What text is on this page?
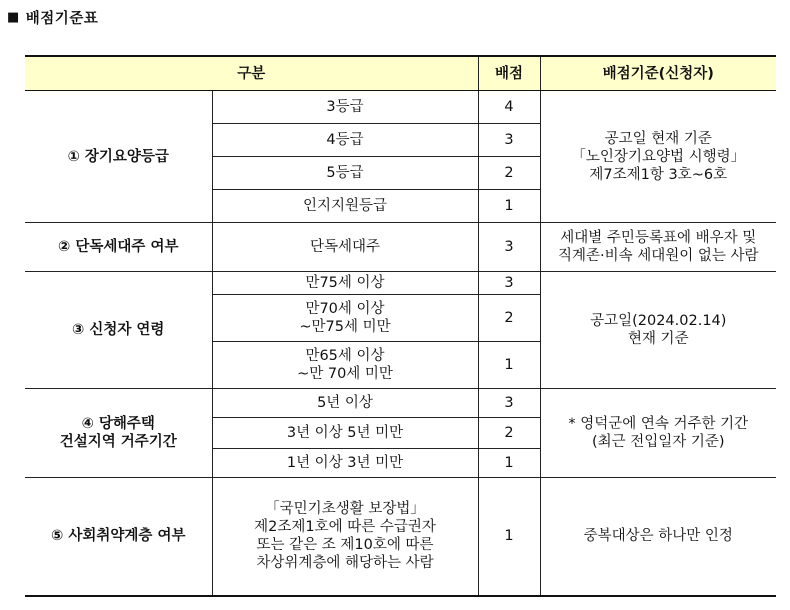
■ 배점기준표
구분		배점	배점기준(신청자)
① 장기요양등급	3등급	4	공고일 현재 기준
「노인장기요양법 시행령」
제7조제1항 3호~6호
	4등급	3	
	5등급	2	
	인지지원등급	1	
② 단독세대주 여부	단독세대주	3	세대별 주민등록표에 배우자 및
직계존·비속 세대원이 없는 사람
③ 신청자 연령	만75세 이상	3	공고일(2024.02.14)
현재 기준
	만70세 이상
~만75세 미만	2	
	만65세 이상
~만 70세 미만	1	
④ 당해주택
건설지역 거주기간	5년 이상	3	* 영덕군에 연속 거주한 기간
(최근 전입일자 기준)
	3년 이상 5년 미만	2	
	1년 이상 3년 미만	1	
⑤ 사회취약계층 여부	「국민기초생활 보장법」
제2조제1호에 따른 수급권자
또는 같은 조 제10호에 따른
차상위계층에 해당하는 사람	1	중복대상은 하나만 인정
